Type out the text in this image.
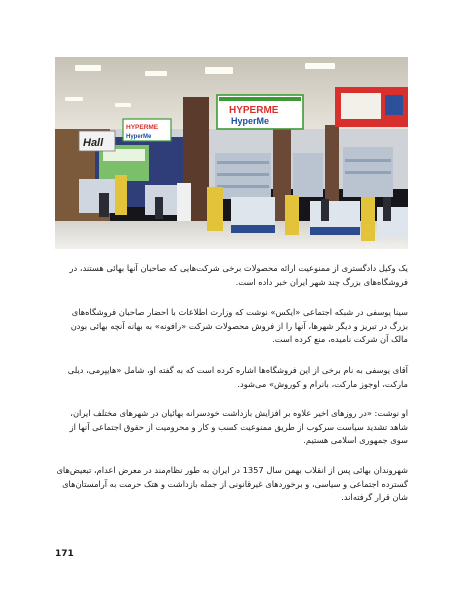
Hall
HYPERME
HyperMe
HYPERME
HyperMe
عکس از خبرگزاری
یک وکیل دادگستری از ممنوعیت ارائه محصولات برخی شرکت‌هایی که صاحبان آنها بهائی هستند، در فروشگاه‌های بزرگ چند شهر ایران خبر داده است.
سینا یوسفی در شبکه اجتماعی «ایکس» نوشت که وزارت اطلاعات با احضار صاحبان فروشگاه‌های بزرگ در تبریز و دیگر شهرها، آنها را از فروش محصولات شرکت «رافونه» به بهانه آنچه بهائی بودن مالک آن شرکت نامیده، منع کرده است.
آقای یوسفی به نام برخی از این فروشگاه‌ها اشاره کرده است که به گفته او، شامل «هایپرمی، دیلی مارکت، اوجوز مارکت، بانرام و کوروش» می‌شود.
او نوشت: «در روزهای اخیر علاوه بر افزایش بازداشت خودسرانه بهائیان در شهرهای مختلف ایران، شاهد تشدید سیاست سرکوب از طریق ممنوعیت کسب و کار و محرومیت از حقوق اجتماعی آنها از سوی جمهوری اسلامی هستیم.
شهروندان بهائی پس از انقلاب بهمن سال 1357 در ایران به طور نظام‌مند در معرض اعدام، تبعیض‌های گسترده اجتماعی و سیاسی، و برخوردهای غیرقانونی از جمله بازداشت و هتک حرمت به آرامستان‌های شان قرار گرفته‌اند.
171
